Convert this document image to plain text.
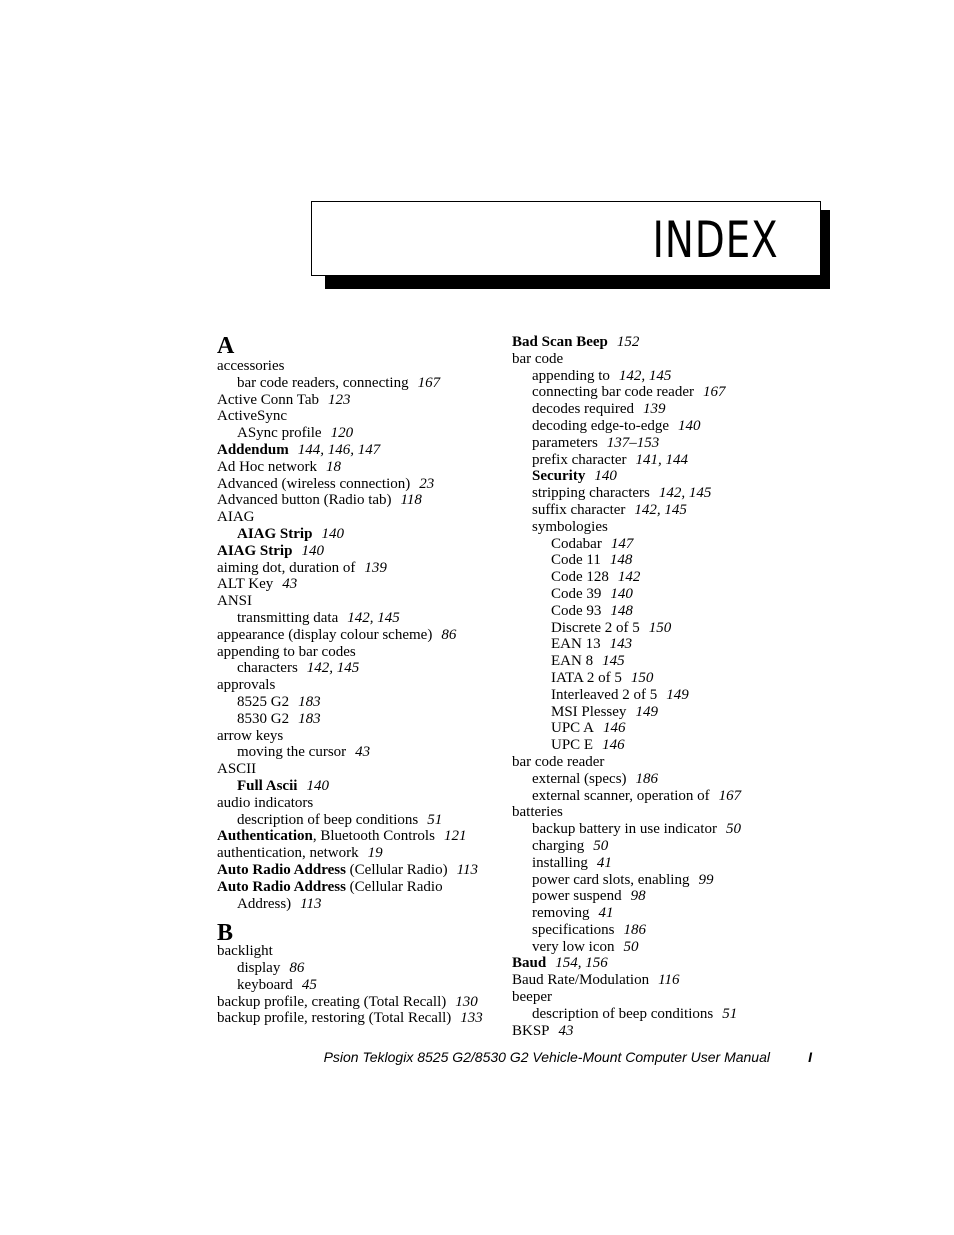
INDEX
A
accessories
bar code readers, connecting 167
Active Conn Tab 123
ActiveSync
ASync profile 120
Addendum 144, 146, 147
Ad Hoc network 18
Advanced (wireless connection) 23
Advanced button (Radio tab) 118
AIAG
AIAG Strip 140
AIAG Strip 140
aiming dot, duration of 139
ALT Key 43
ANSI
transmitting data 142, 145
appearance (display colour scheme) 86
appending to bar codes
characters 142, 145
approvals
8525 G2 183
8530 G2 183
arrow keys
moving the cursor 43
ASCII
Full Ascii 140
audio indicators
description of beep conditions 51
Authentication, Bluetooth Controls 121
authentication, network 19
Auto Radio Address (Cellular Radio) 113
Auto Radio Address (Cellular Radio Address) 113
B
backlight
display 86
keyboard 45
backup profile, creating (Total Recall) 130
backup profile, restoring (Total Recall) 133
Bad Scan Beep 152
bar code
appending to 142, 145
connecting bar code reader 167
decodes required 139
decoding edge-to-edge 140
parameters 137–153
prefix character 141, 144
Security 140
stripping characters 142, 145
suffix character 142, 145
symbologies
Codabar 147
Code 11 148
Code 128 142
Code 39 140
Code 93 148
Discrete 2 of 5 150
EAN 13 143
EAN 8 145
IATA 2 of 5 150
Interleaved 2 of 5 149
MSI Plessey 149
UPC A 146
UPC E 146
bar code reader
external (specs) 186
external scanner, operation of 167
batteries
backup battery in use indicator 50
charging 50
installing 41
power card slots, enabling 99
power suspend 98
removing 41
specifications 186
very low icon 50
Baud 154, 156
Baud Rate/Modulation 116
beeper
description of beep conditions 51
BKSP 43
Psion Teklogix 8525 G2/8530 G2 Vehicle-Mount Computer User Manual	I
